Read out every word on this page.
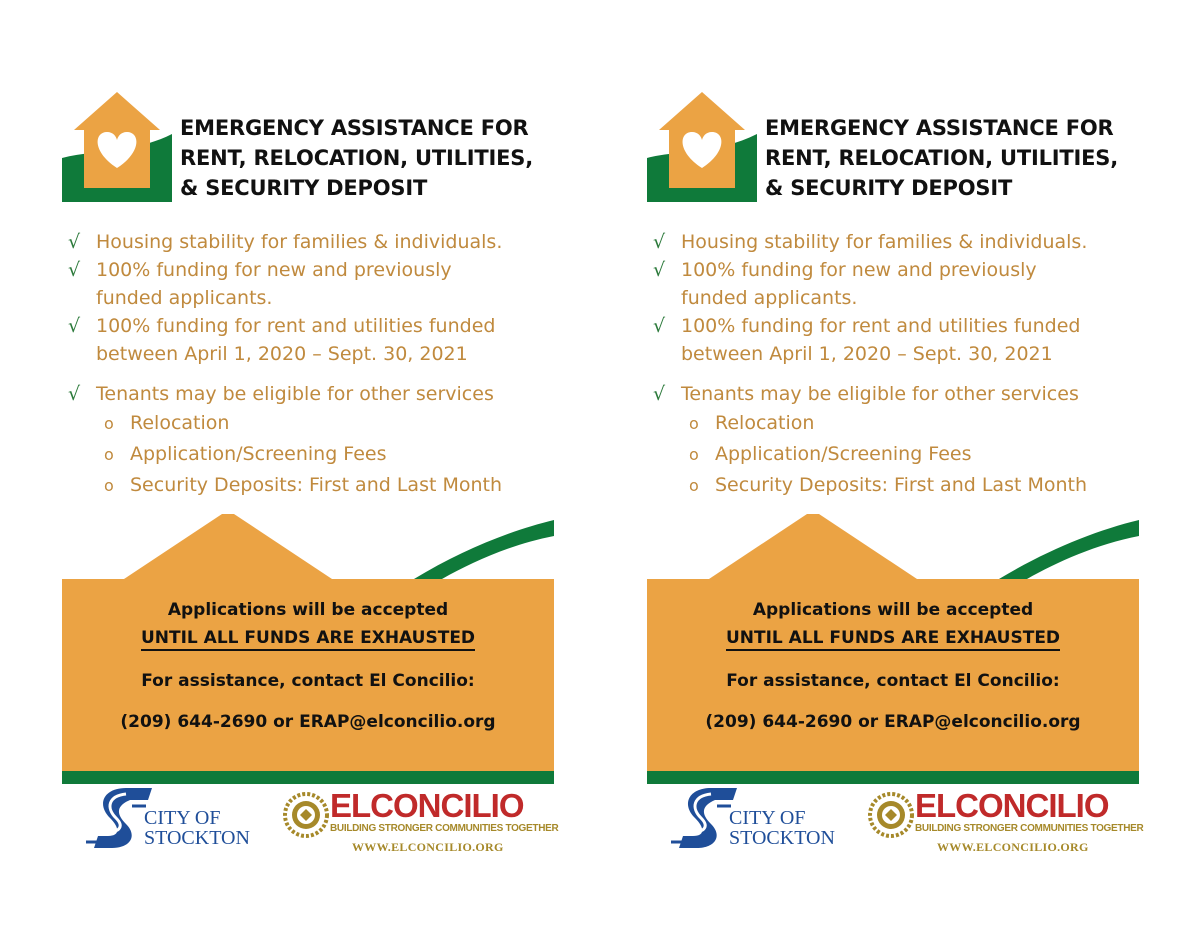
EMERGENCY ASSISTANCE FOR
RENT, RELOCATION, UTILITIES,
& SECURITY DEPOSIT
√ Housing stability for families & individuals.
√ 100% funding for new and previously
funded applicants.
√ 100% funding for rent and utilities funded
between April 1, 2020 – Sept. 30, 2021
√ Tenants may be eligible for other services
o Relocation
o Application/Screening Fees
o Security Deposits: First and Last Month
Applications will be accepted
UNTIL ALL FUNDS ARE EXHAUSTED
For assistance, contact El Concilio:
(209) 644-2690 or ERAP@elconcilio.org
CITY OF
STOCKTON
ELCONCILIO
BUILDING STRONGER COMMUNITIES TOGETHER
WWW.ELCONCILIO.ORG
EMERGENCY ASSISTANCE FOR
RENT, RELOCATION, UTILITIES,
& SECURITY DEPOSIT
√ Housing stability for families & individuals.
√ 100% funding for new and previously
funded applicants.
√ 100% funding for rent and utilities funded
between April 1, 2020 – Sept. 30, 2021
√ Tenants may be eligible for other services
o Relocation
o Application/Screening Fees
o Security Deposits: First and Last Month
Applications will be accepted
UNTIL ALL FUNDS ARE EXHAUSTED
For assistance, contact El Concilio:
(209) 644-2690 or ERAP@elconcilio.org
CITY OF
STOCKTON
ELCONCILIO
BUILDING STRONGER COMMUNITIES TOGETHER
WWW.ELCONCILIO.ORG
